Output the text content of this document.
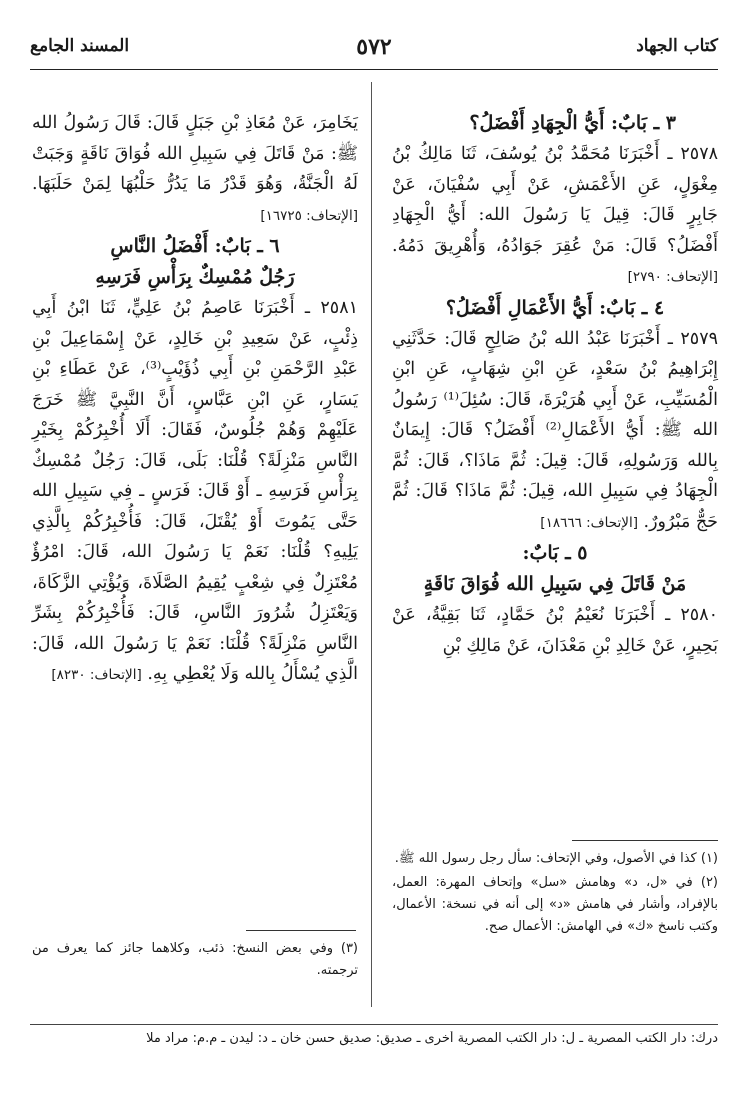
كتاب الجهاد
٥٧٢
المسند الجامع
٣ ـ بَابٌ: أَيُّ الْجِهَادِ أَفْضَلُ؟

٢٥٧٨ ـ أَخْبَرَنَا مُحَمَّدُ بْنُ يُوسُفَ، ثَنَا مَالِكُ بْنُ مِغْوَلٍ، عَنِ الأَعْمَشِ، عَنْ أَبِي سُفْيَانَ، عَنْ جَابِرٍ قَالَ: قِيلَ يَا رَسُولَ الله: أَيُّ الْجِهَادِ أَفْضَلُ؟ قَالَ: مَنْ عُقِرَ جَوَادُهُ، وَأُهْرِيقَ دَمُهُ. [الإتحاف: ٢٧٩٠]

٤ ـ بَابٌ: أَيُّ الأَعْمَالِ أَفْضَلُ؟

٢٥٧٩ ـ أَخْبَرَنَا عَبْدُ الله بْنُ صَالِحٍ قَالَ: حَدَّثَنِي إِبْرَاهِيمُ بْنُ سَعْدٍ، عَنِ ابْنِ شِهَابٍ، عَنِ ابْنِ الْمُسَيِّبِ، عَنْ أَبِي هُرَيْرَةَ، قَالَ: سُئِلَ⁽¹⁾ رَسُولُ الله ﷺ: أَيُّ الأَعْمَالِ⁽²⁾ أَفْضَلُ؟ قَالَ: إِيمَانٌ بِالله وَرَسُولِهِ، قَالَ: قِيلَ: ثُمَّ مَاذَا؟، قَالَ: ثُمَّ الْجِهَادُ فِي سَبِيلِ الله، قِيلَ: ثُمَّ مَاذَا؟ قَالَ: ثُمَّ حَجٌّ مَبْرُورٌ. [الإتحاف: ١٨٦٦٦]

٥ ـ بَابٌ:
مَنْ قَاتَلَ فِي سَبِيلِ الله فُوَاقَ نَاقَةٍ

٢٥٨٠ ـ أَخْبَرَنَا نُعَيْمُ بْنُ حَمَّادٍ، ثَنَا بَقِيَّةُ، عَنْ بَحِيرٍ، عَنْ خَالِدِ بْنِ مَعْدَانَ، عَنْ مَالِكِ بْنِ

يَخَامِرَ، عَنْ مُعَاذِ بْنِ جَبَلٍ قَالَ: قَالَ رَسُولُ الله ﷺ: مَنْ قَاتَلَ فِي سَبِيلِ الله فُوَاقَ نَاقَةٍ وَجَبَتْ لَهُ الْجَنَّةُ، وَهُوَ قَدْرُ مَا يَدُرُّ حَلْبُهَا لِمَنْ حَلَبَهَا. [الإتحاف: ١٦٧٢٥]

٦ ـ بَابٌ: أَفْضَلُ النَّاسِ
رَجُلٌ مُمْسِكٌ بِرَأْسِ فَرَسِهِ

٢٥٨١ ـ أَخْبَرَنَا عَاصِمُ بْنُ عَلِيٍّ، ثَنَا ابْنُ أَبِي ذِئْبٍ، عَنْ سَعِيدِ بْنِ خَالِدٍ، عَنْ إِسْمَاعِيلَ بْنِ عَبْدِ الرَّحْمَنِ بْنِ أَبِي ذُؤَيْبٍ⁽³⁾، عَنْ عَطَاءِ بْنِ يَسَارٍ، عَنِ ابْنِ عَبَّاسٍ، أَنَّ النَّبِيَّ ﷺ خَرَجَ عَلَيْهِمْ وَهُمْ جُلُوسٌ، فَقَالَ: أَلَا أُخْبِرُكُمْ بِخَيْرِ النَّاسِ مَنْزِلَةً؟ قُلْنَا: بَلَى، قَالَ: رَجُلٌ مُمْسِكٌ بِرَأْسِ فَرَسِهِ ـ أَوْ قَالَ: فَرَسٍ ـ فِي سَبِيلِ الله حَتَّى يَمُوتَ أَوْ يُقْتَلَ، قَالَ: فَأُخْبِرُكُمْ بِالَّذِي يَلِيهِ؟ قُلْنَا: نَعَمْ يَا رَسُولَ الله، قَالَ: امْرُؤٌ مُعْتَزِلٌ فِي شِعْبٍ يُقِيمُ الصَّلَاةَ، وَيُؤْتِي الزَّكَاةَ، وَيَعْتَزِلُ شُرُورَ النَّاسِ، قَالَ: فَأُخْبِرُكُمْ بِشَرِّ النَّاسِ مَنْزِلَةً؟ قُلْنَا: نَعَمْ يَا رَسُولَ الله، قَالَ: الَّذِي يُسْأَلُ بِالله وَلَا يُعْطِي بِهِ. [الإتحاف: ٨٢٣٠]

(١) كذا في الأصول، وفي الإتحاف: سأل رجل رسول الله ﷺ.

(٢) في «ل، د» وهامش «سل» وإتحاف المهرة: العمل، بالإفراد، وأشار في هامش «د» إلى أنه في نسخة: الأعمال، وكتب ناسخ «ك» في الهامش: الأعمال صح.

(٣) وفي بعض النسخ: ذئب، وكلاهما جائز كما يعرف من ترجمته.

درك: دار الكتب المصرية ـ ل: دار الكتب المصرية أخرى ـ صديق: صديق حسن خان ـ د: ليدن ـ م.م: مراد ملا
